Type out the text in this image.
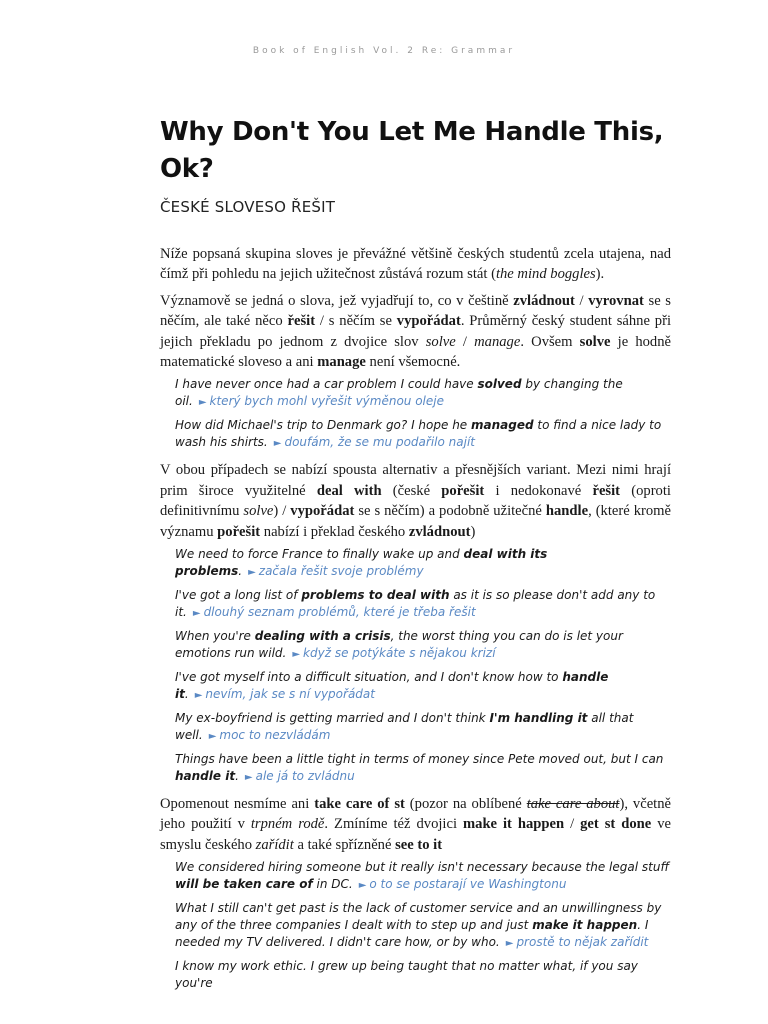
Book of English Vol. 2 Re: Grammar
Why Don't You Let Me Handle This, Ok?
ČESKÉ SLOVESO ŘEŠIT

Níže popsaná skupina sloves je převážné většině českých studentů zcela utajena, nad čímž při pohledu na jejich užitečnost zůstává rozum stát (the mind boggles).

Významově se jedná o slova, jež vyjadřují to, co v češtině zvládnout / vyrovnat se s něčím, ale také něco řešit / s něčím se vypořádat. Průměrný český student sáhne při jejich překladu po jednom z dvojice slov solve / manage. Ovšem solve je hodně matematické sloveso a ani manage není všemocné.

I have never once had a car problem I could have solved by changing the oil. ► který bych mohl vyřešit výměnou oleje

How did Michael's trip to Denmark go? I hope he managed to find a nice lady to wash his shirts. ► doufám, že se mu podařilo najít

V obou případech se nabízí spousta alternativ a přesnějších variant. Mezi nimi hrají prim široce využitelné deal with (české pořešit i nedokonavé řešit (oproti definitivnímu solve) / vypořádat se s něčím) a podobně užitečné handle, (které kromě významu pořešit nabízí i překlad českého zvládnout)

We need to force France to finally wake up and deal with its problems. ► začala řešit svoje problémy

I've got a long list of problems to deal with as it is so please don't add any to it. ► dlouhý seznam problémů, které je třeba řešit

When you're dealing with a crisis, the worst thing you can do is let your emotions run wild. ► když se potýkáte s nějakou krizí

I've got myself into a difficult situation, and I don't know how to handle it. ► nevím, jak se s ní vypořádat

My ex-boyfriend is getting married and I don't think I'm handling it all that well. ► moc to nezvládám

Things have been a little tight in terms of money since Pete moved out, but I can handle it. ► ale já to zvládnu

Opomenout nesmíme ani take care of st (pozor na oblíbené take care about), včetně jeho použití v trpném rodě. Zmíníme též dvojici make it happen / get st done ve smyslu českého zařídit a také spřízněné see to it

We considered hiring someone but it really isn't necessary because the legal stuff will be taken care of in DC. ► o to se postarají ve Washingtonu

What I still can't get past is the lack of customer service and an unwillingness by any of the three companies I dealt with to step up and just make it happen. I needed my TV delivered. I didn't care how, or by who. ► prostě to nějak zařídit

I know my work ethic. I grew up being taught that no matter what, if you say you're
